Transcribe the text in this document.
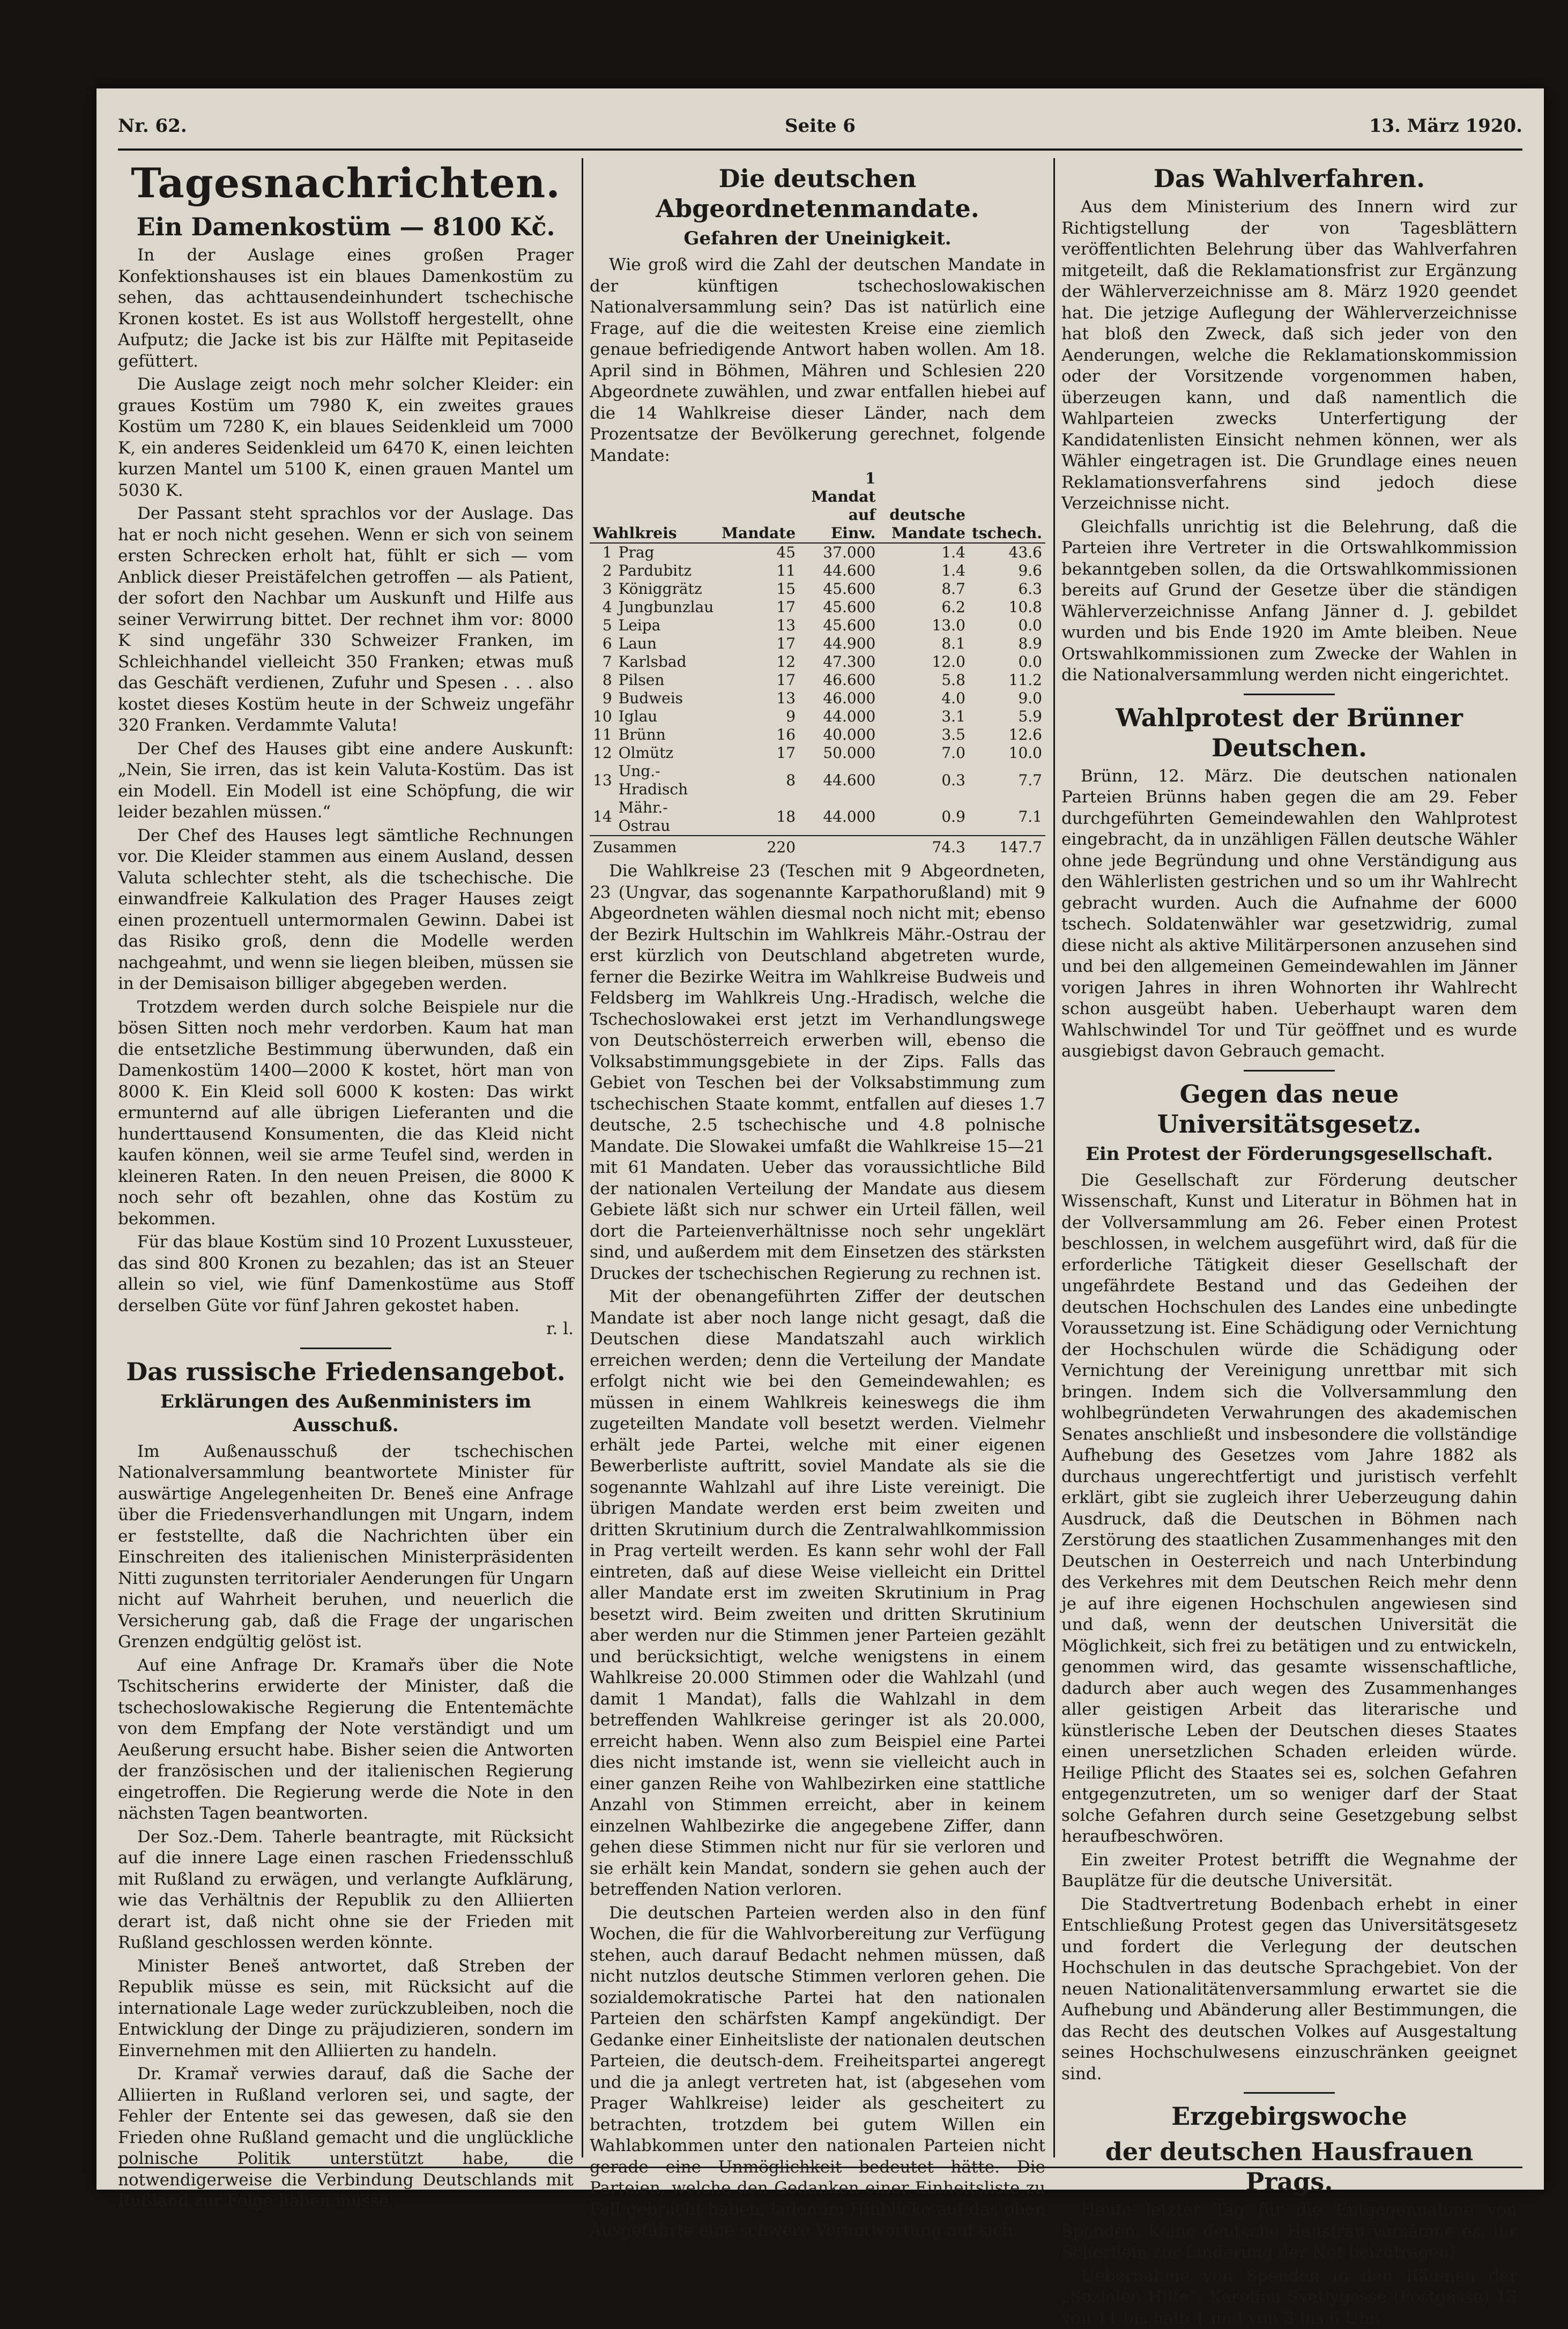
Nr. 62.	Seite 6	13. März 1920.
Tagesnachrichten.
Ein Damenkostüm — 8100 Kč.

In der Auslage eines großen Prager Konfektionshauses ist ein blaues Damenkostüm zu sehen, das achttausendeinhundert tschechische Kronen kostet. Es ist aus Wollstoff hergestellt, ohne Aufputz; die Jacke ist bis zur Hälfte mit Pepitaseide gefüttert.

Die Auslage zeigt noch mehr solcher Kleider: ein graues Kostüm um 7980 K, ein zweites graues Kostüm um 7280 K, ein blaues Seidenkleid um 7000 K, ein anderes Seidenkleid um 6470 K, einen leichten kurzen Mantel um 5100 K, einen grauen Mantel um 5030 K.

Der Passant steht sprachlos vor der Auslage. Das hat er noch nicht gesehen. Wenn er sich von seinem ersten Schrecken erholt hat, fühlt er sich — vom Anblick dieser Preistäfelchen getroffen — als Patient, der sofort den Nachbar um Auskunft und Hilfe aus seiner Verwirrung bittet. Der rechnet ihm vor: 8000 K sind ungefähr 330 Schweizer Franken, im Schleichhandel vielleicht 350 Franken; etwas muß das Geschäft verdienen, Zufuhr und Spesen . . . also kostet dieses Kostüm heute in der Schweiz ungefähr 320 Franken. Verdammte Valuta!

Der Chef des Hauses gibt eine andere Auskunft: „Nein, Sie irren, das ist kein Valuta-Kostüm. Das ist ein Modell. Ein Modell ist eine Schöpfung, die wir leider bezahlen müssen.“

Der Chef des Hauses legt sämtliche Rechnungen vor. Die Kleider stammen aus einem Ausland, dessen Valuta schlechter steht, als die tschechische. Die einwandfreie Kalkulation des Prager Hauses zeigt einen prozentuell untermormalen Gewinn. Dabei ist das Risiko groß, denn die Modelle werden nachgeahmt, und wenn sie liegen bleiben, müssen sie in der Demisaison billiger abgegeben werden.

Trotzdem werden durch solche Beispiele nur die bösen Sitten noch mehr verdorben. Kaum hat man die entsetzliche Bestimmung überwunden, daß ein Damenkostüm 1400—2000 K kostet, hört man von 8000 K. Ein Kleid soll 6000 K kosten: Das wirkt ermunternd auf alle übrigen Lieferanten und die hunderttausend Konsumenten, die das Kleid nicht kaufen können, weil sie arme Teufel sind, werden in kleineren Raten. In den neuen Preisen, die 8000 K noch sehr oft bezahlen, ohne das Kostüm zu bekommen.

Für das blaue Kostüm sind 10 Prozent Luxussteuer, das sind 800 Kronen zu bezahlen; das ist an Steuer allein so viel, wie fünf Damenkostüme aus Stoff derselben Güte vor fünf Jahren gekostet haben.

r. l.

Das russische Friedensangebot.
Erklärungen des Außenministers im Ausschuß.

Im Außenausschuß der tschechischen Nationalversammlung beantwortete Minister für auswärtige Angelegenheiten Dr. Beneš eine Anfrage über die Friedensverhandlungen mit Ungarn, indem er feststellte, daß die Nachrichten über ein Einschreiten des italienischen Ministerpräsidenten Nitti zugunsten territorialer Aenderungen für Ungarn nicht auf Wahrheit beruhen, und neuerlich die Versicherung gab, daß die Frage der ungarischen Grenzen endgültig gelöst ist.

Auf eine Anfrage Dr. Kramařs über die Note Tschitscherins erwiderte der Minister, daß die tschechoslowakische Regierung die Ententemächte von dem Empfang der Note verständigt und um Aeußerung ersucht habe. Bisher seien die Antworten der französischen und der italienischen Regierung eingetroffen. Die Regierung werde die Note in den nächsten Tagen beantworten.

Der Soz.-Dem. Taherle beantragte, mit Rücksicht auf die innere Lage einen raschen Friedensschluß mit Rußland zu erwägen, und verlangte Aufklärung, wie das Verhältnis der Republik zu den Alliierten derart ist, daß nicht ohne sie der Frieden mit Rußland geschlossen werden könnte.

Minister Beneš antwortet, daß Streben der Republik müsse es sein, mit Rücksicht auf die internationale Lage weder zurückzubleiben, noch die Entwicklung der Dinge zu präjudizieren, sondern im Einvernehmen mit den Alliierten zu handeln.

Dr. Kramař verwies darauf, daß die Sache der Alliierten in Rußland verloren sei, und sagte, der Fehler der Entente sei das gewesen, daß sie den Frieden ohne Rußland gemacht und die unglückliche polnische Politik unterstützt habe, die notwendigerweise die Verbindung Deutschlands mit Rußland zur Folge haben müsse.

Die deutschen Abgeordnetenmandate.
Gefahren der Uneinigkeit.

Wie groß wird die Zahl der deutschen Mandate in der künftigen tschechoslowakischen Nationalversammlung sein? Das ist natürlich eine Frage, auf die die weitesten Kreise eine ziemlich genaue befriedigende Antwort haben wollen. Am 18. April sind in Böhmen, Mähren und Schlesien 220 Abgeordnete zuwählen, und zwar entfallen hiebei auf die 14 Wahlkreise dieser Länder, nach dem Prozentsatze der Bevölkerung gerechnet, folgende Mandate:

Wahlkreis		Mandate	1 Mandat auf Einw.	deutsche Mandate	tschech.
1	Prag	45	37.000	1.4	43.6
2	Pardubitz	11	44.600	1.4	9.6
3	Königgrätz	15	45.600	8.7	6.3
4	Jungbunzlau	17	45.600	6.2	10.8
5	Leipa	13	45.600	13.0	0.0
6	Laun	17	44.900	8.1	8.9
7	Karlsbad	12	47.300	12.0	0.0
8	Pilsen	17	46.600	5.8	11.2
9	Budweis	13	46.000	4.0	9.0
10	Iglau	9	44.000	3.1	5.9
11	Brünn	16	40.000	3.5	12.6
12	Olmütz	17	50.000	7.0	10.0
13	Ung.-Hradisch	8	44.600	0.3	7.7
14	Mähr.-Ostrau	18	44.000	0.9	7.1
Zusammen		220		74.3	147.7

Die Wahlkreise 23 (Teschen mit 9 Abgeordneten, 23 (Ungvar, das sogenannte Karpathorußland) mit 9 Abgeordneten wählen diesmal noch nicht mit; ebenso der Bezirk Hultschin im Wahlkreis Mähr.-Ostrau der erst kürzlich von Deutschland abgetreten wurde, ferner die Bezirke Weitra im Wahlkreise Budweis und Feldsberg im Wahlkreis Ung.-Hradisch, welche die Tschechoslowakei erst jetzt im Verhandlungswege von Deutschösterreich erwerben will, ebenso die Volksabstimmungsgebiete in der Zips. Falls das Gebiet von Teschen bei der Volksabstimmung zum tschechischen Staate kommt, entfallen auf dieses 1.7 deutsche, 2.5 tschechische und 4.8 polnische Mandate. Die Slowakei umfaßt die Wahlkreise 15—21 mit 61 Mandaten. Ueber das voraussichtliche Bild der nationalen Verteilung der Mandate aus diesem Gebiete läßt sich nur schwer ein Urteil fällen, weil dort die Parteienverhältnisse noch sehr ungeklärt sind, und außerdem mit dem Einsetzen des stärksten Druckes der tschechischen Regierung zu rechnen ist.

Mit der obenangeführten Ziffer der deutschen Mandate ist aber noch lange nicht gesagt, daß die Deutschen diese Mandatszahl auch wirklich erreichen werden; denn die Verteilung der Mandate erfolgt nicht wie bei den Gemeindewahlen; es müssen in einem Wahlkreis keineswegs die ihm zugeteilten Mandate voll besetzt werden. Vielmehr erhält jede Partei, welche mit einer eigenen Bewerberliste auftritt, soviel Mandate als sie die sogenannte Wahlzahl auf ihre Liste vereinigt. Die übrigen Mandate werden erst beim zweiten und dritten Skrutinium durch die Zentralwahlkommission in Prag verteilt werden. Es kann sehr wohl der Fall eintreten, daß auf diese Weise vielleicht ein Drittel aller Mandate erst im zweiten Skrutinium in Prag besetzt wird. Beim zweiten und dritten Skrutinium aber werden nur die Stimmen jener Parteien gezählt und berücksichtigt, welche wenigstens in einem Wahlkreise 20.000 Stimmen oder die Wahlzahl (und damit 1 Mandat), falls die Wahlzahl in dem betreffenden Wahlkreise geringer ist als 20.000, erreicht haben. Wenn also zum Beispiel eine Partei dies nicht imstande ist, wenn sie vielleicht auch in einer ganzen Reihe von Wahlbezirken eine stattliche Anzahl von Stimmen erreicht, aber in keinem einzelnen Wahlbezirke die angegebene Ziffer, dann gehen diese Stimmen nicht nur für sie verloren und sie erhält kein Mandat, sondern sie gehen auch der betreffenden Nation verloren.

Die deutschen Parteien werden also in den fünf Wochen, die für die Wahlvorbereitung zur Verfügung stehen, auch darauf Bedacht nehmen müssen, daß nicht nutzlos deutsche Stimmen verloren gehen. Die sozialdemokratische Partei hat den nationalen Parteien den schärfsten Kampf angekündigt. Der Gedanke einer Einheitsliste der nationalen deutschen Parteien, die deutsch-dem. Freiheitspartei angeregt und die ja anlegt vertreten hat, ist (abgesehen vom Prager Wahlkreise) leider als gescheitert zu betrachten, trotzdem bei gutem Willen ein Wahlabkommen unter den nationalen Parteien nicht gerade eine Unmöglichkeit bedeutet hätte. Die Parteien, welche den Gedanken einer Einheitsliste zu Fall gebracht haben, laden im Hinblicke auf das oben Ausgeführte eine schwere Verantwortung auf sich.

Das Wahlverfahren.

Aus dem Ministerium des Innern wird zur Richtigstellung der von Tagesblättern veröffentlichten Belehrung über das Wahlverfahren mitgeteilt, daß die Reklamationsfrist zur Ergänzung der Wählerverzeichnisse am 8. März 1920 geendet hat. Die jetzige Auflegung der Wählerverzeichnisse hat bloß den Zweck, daß sich jeder von den Aenderungen, welche die Reklamationskommission oder der Vorsitzende vorgenommen haben, überzeugen kann, und daß namentlich die Wahlparteien zwecks Unterfertigung der Kandidatenlisten Einsicht nehmen können, wer als Wähler eingetragen ist. Die Grundlage eines neuen Reklamationsverfahrens sind jedoch diese Verzeichnisse nicht.

Gleichfalls unrichtig ist die Belehrung, daß die Parteien ihre Vertreter in die Ortswahlkommission bekanntgeben sollen, da die Ortswahlkommissionen bereits auf Grund der Gesetze über die ständigen Wählerverzeichnisse Anfang Jänner d. J. gebildet wurden und bis Ende 1920 im Amte bleiben. Neue Ortswahlkommissionen zum Zwecke der Wahlen in die Nationalversammlung werden nicht eingerichtet.

Wahlprotest der Brünner Deutschen.

Brünn, 12. März. Die deutschen nationalen Parteien Brünns haben gegen die am 29. Feber durchgeführten Gemeindewahlen den Wahlprotest eingebracht, da in unzähligen Fällen deutsche Wähler ohne jede Begründung und ohne Verständigung aus den Wählerlisten gestrichen und so um ihr Wahlrecht gebracht wurden. Auch die Aufnahme der 6000 tschech. Soldatenwähler war gesetzwidrig, zumal diese nicht als aktive Militärpersonen anzusehen sind und bei den allgemeinen Gemeindewahlen im Jänner vorigen Jahres in ihren Wohnorten ihr Wahlrecht schon ausgeübt haben. Ueberhaupt waren dem Wahlschwindel Tor und Tür geöffnet und es wurde ausgiebigst davon Gebrauch gemacht.

Gegen das neue Universitätsgesetz.
Ein Protest der Förderungsgesellschaft.

Die Gesellschaft zur Förderung deutscher Wissenschaft, Kunst und Literatur in Böhmen hat in der Vollversammlung am 26. Feber einen Protest beschlossen, in welchem ausgeführt wird, daß für die erforderliche Tätigkeit dieser Gesellschaft der ungefährdete Bestand und das Gedeihen der deutschen Hochschulen des Landes eine unbedingte Voraussetzung ist. Eine Schädigung oder Vernichtung der Hochschulen würde die Schädigung oder Vernichtung der Vereinigung unrettbar mit sich bringen. Indem sich die Vollversammlung den wohlbegründeten Verwahrungen des akademischen Senates anschließt und insbesondere die vollständige Aufhebung des Gesetzes vom Jahre 1882 als durchaus ungerechtfertigt und juristisch verfehlt erklärt, gibt sie zugleich ihrer Ueberzeugung dahin Ausdruck, daß die Deutschen in Böhmen nach Zerstörung des staatlichen Zusammenhanges mit den Deutschen in Oesterreich und nach Unterbindung des Verkehres mit dem Deutschen Reich mehr denn je auf ihre eigenen Hochschulen angewiesen sind und daß, wenn der deutschen Universität die Möglichkeit, sich frei zu betätigen und zu entwickeln, genommen wird, das gesamte wissenschaftliche, dadurch aber auch wegen des Zusammenhanges aller geistigen Arbeit das literarische und künstlerische Leben der Deutschen dieses Staates einen unersetzlichen Schaden erleiden würde. Heilige Pflicht des Staates sei es, solchen Gefahren entgegenzutreten, um so weniger darf der Staat solche Gefahren durch seine Gesetzgebung selbst heraufbeschwören.

Ein zweiter Protest betrifft die Wegnahme der Bauplätze für die deutsche Universität.

Die Stadtvertretung Bodenbach erhebt in einer Entschließung Protest gegen das Universitätsgesetz und fordert die Verlegung der deutschen Hochschulen in das deutsche Sprachgebiet. Von der neuen Nationalitätenversammlung erwartet sie die Aufhebung und Abänderung aller Bestimmungen, die das Recht des deutschen Volkes auf Ausgestaltung seines Hochschulwesens einzuschränken geeignet sind.

Erzgebirgswoche
der deutschen Hausfrauen Prags.

Heute letzter Tag für die Entgegennahme von Spenden. Keine deutsche Hausfrau versäume es, ihr Scherflein zur Linderung der Not beizutragen!

Uebernahme von Spenden in den Räumen der „Sozialen Hilfe“, Karolina Svetlygasse (Postgasse) 13 von 11 bis halb 1 und von 3 bis 6 Uhr.
